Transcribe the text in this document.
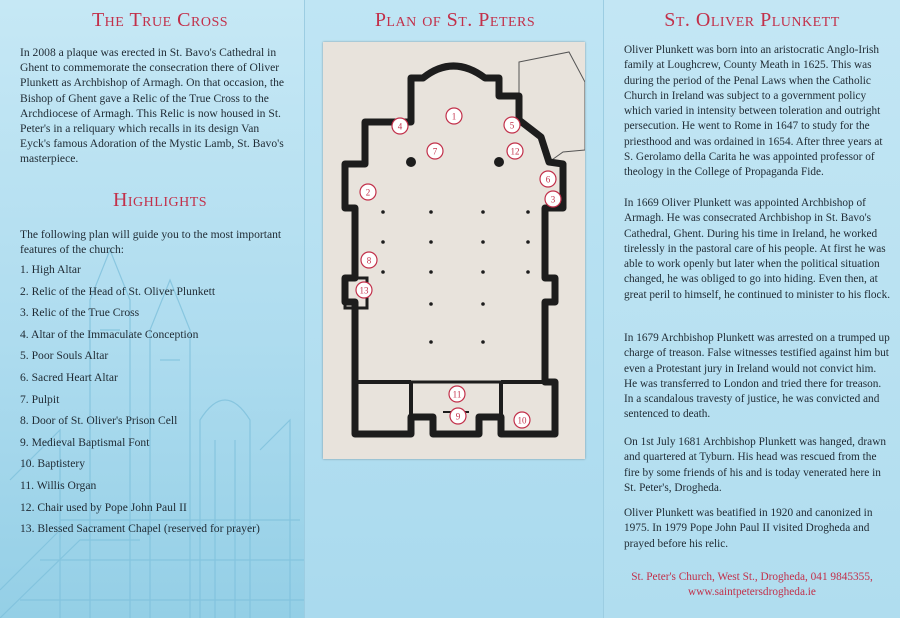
The True Cross

In 2008 a plaque was erected in St. Bavo's Cathedral in Ghent to commemorate the consecration there of Oliver Plunkett as Archbishop of Armagh. On that occasion, the Bishop of Ghent gave a Relic of the True Cross to the Archdiocese of Armagh. This Relic is now housed in St. Peter's in a reliquary which recalls in its design Van Eyck's famous Adoration of the Mystic Lamb, St. Bavo's masterpiece.

Highlights

The following plan will guide you to the most important features of the church:

1. High Altar
2. Relic of the Head of St. Oliver Plunkett
3. Relic of the True Cross
4. Altar of the Immaculate Conception
5. Poor Souls Altar
6. Sacred Heart Altar
7. Pulpit
8. Door of St. Oliver's Prison Cell
9. Medieval Baptismal Font
10. Baptistery
11. Willis Organ
12. Chair used by Pope John Paul II
13. Blessed Sacrament Chapel (reserved for prayer)
Plan of St. Peters
1
2
3
4	5
6
7
8
9	10
11
12
13
St. Oliver Plunkett

Oliver Plunkett was born into an aristocratic Anglo-Irish family at Loughcrew, County Meath in 1625. This was during the period of the Penal Laws when the Catholic Church in Ireland was subject to a government policy which varied in intensity between toleration and outright persecution. He went to Rome in 1647 to study for the priesthood and was ordained in 1654. After three years at S. Gerolamo della Carita he was appointed professor of theology in the College of Propaganda Fide.

In 1669 Oliver Plunkett was appointed Archbishop of Armagh. He was consecrated Archbishop in St. Bavo's Cathedral, Ghent. During his time in Ireland, he worked tirelessly in the pastoral care of his people. At first he was able to work openly but later when the political situation changed, he was obliged to go into hiding. Even then, at great peril to himself, he continued to minister to his flock.

In 1679 Archbishop Plunkett was arrested on a trumped up charge of treason. False witnesses testified against him but even a Protestant jury in Ireland would not convict him. He was transferred to London and tried there for treason. In a scandalous travesty of justice, he was convicted and sentenced to death.

On 1st July 1681 Archbishop Plunkett was hanged, drawn and quartered at Tyburn. His head was rescued from the fire by some friends of his and is today venerated here in St. Peter's, Drogheda.

Oliver Plunkett was beatified in 1920 and canonized in 1975. In 1979 Pope John Paul II visited Drogheda and prayed before his relic.

St. Peter's Church, West St., Drogheda, 041 9845355,
www.saintpetersdrogheda.ie
